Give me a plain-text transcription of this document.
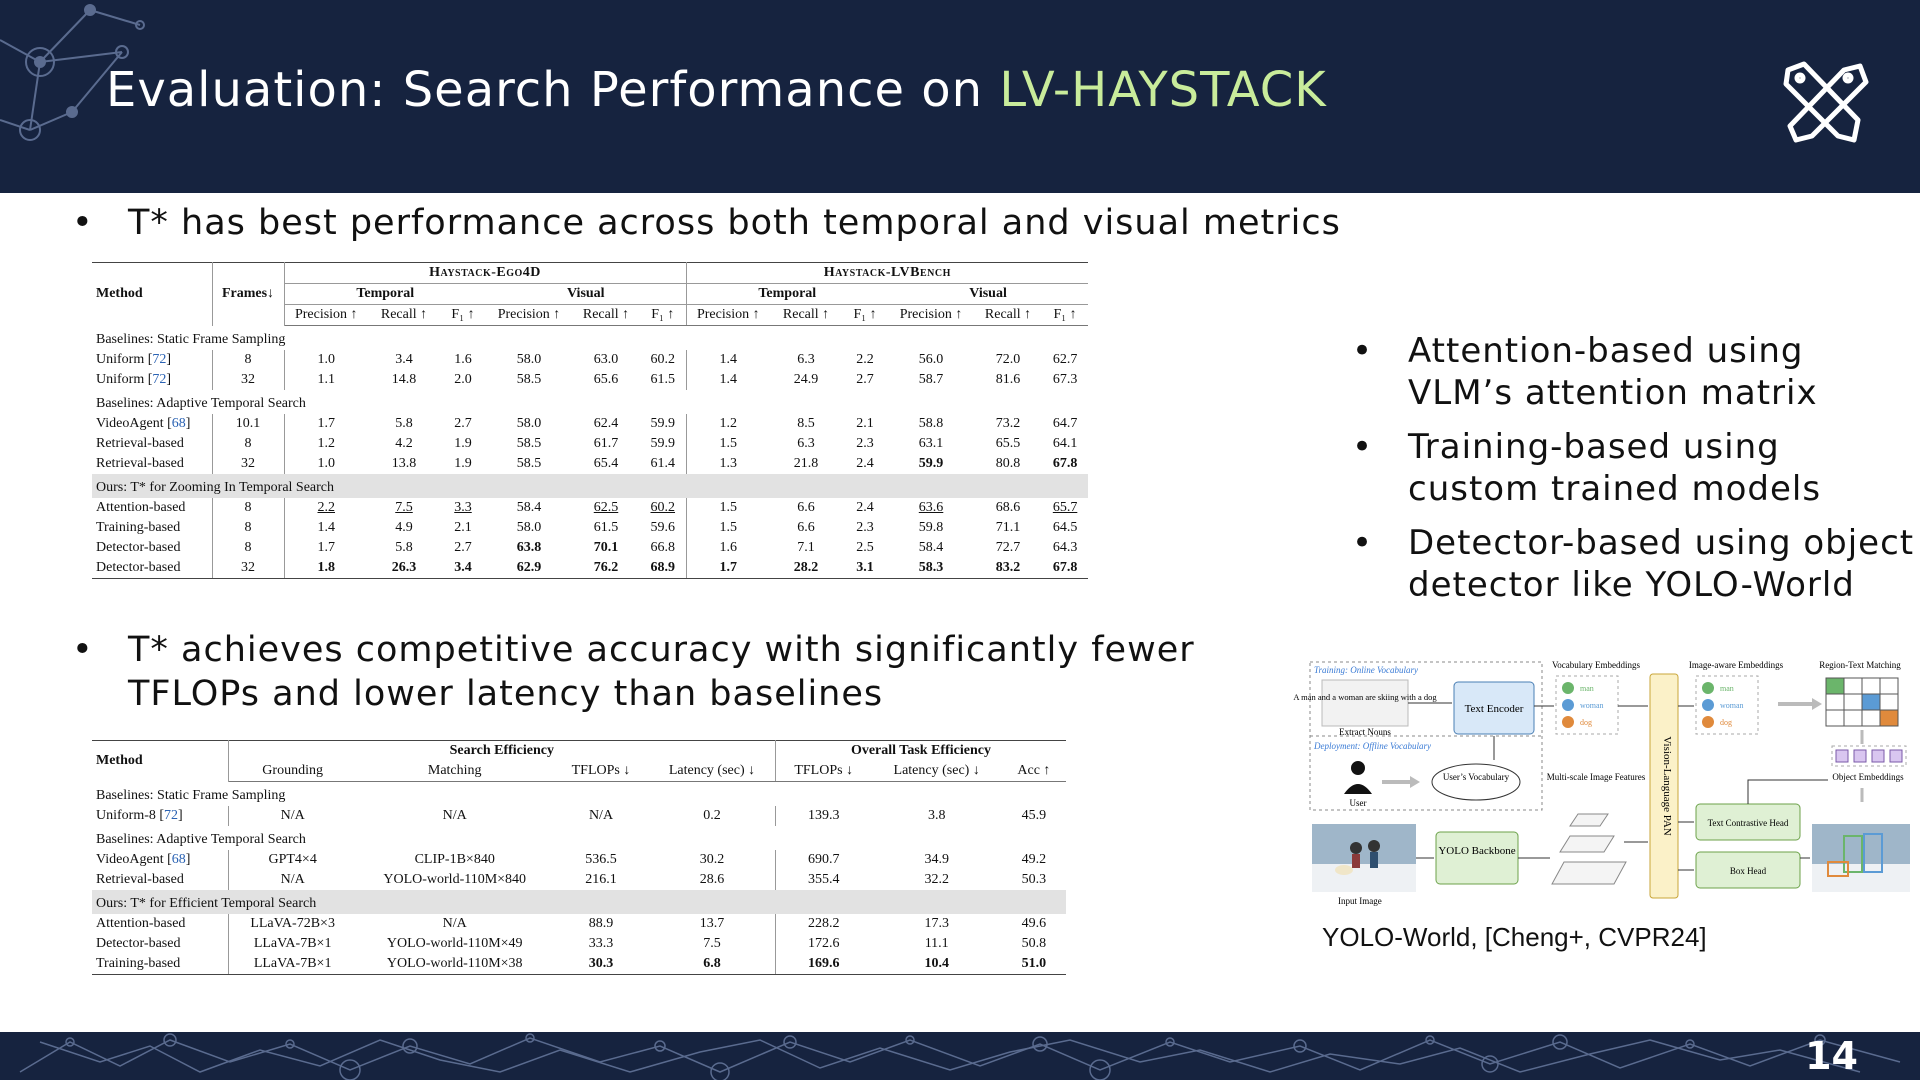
Evaluation: Search Performance on LV-HAYSTACK
• T* has best performance across both temporal and visual metrics
Method	Frames↓	Haystack-Ego4D						Haystack-LVBench					
		Temporal			Visual			Temporal			Visual		
		Precision ↑	Recall ↑	F₁ ↑	Precision ↑	Recall ↑	F₁ ↑	Precision ↑	Recall ↑	F₁ ↑	Precision ↑	Recall ↑	F₁ ↑
Baselines: Static Frame Sampling													
Uniform [72]	8	1.0	3.4	1.6	58.0	63.0	60.2	1.4	6.3	2.2	56.0	72.0	62.7
Uniform [72]	32	1.1	14.8	2.0	58.5	65.6	61.5	1.4	24.9	2.7	58.7	81.6	67.3
Baselines: Adaptive Temporal Search													
VideoAgent [68]	10.1	1.7	5.8	2.7	58.0	62.4	59.9	1.2	8.5	2.1	58.8	73.2	64.7
Retrieval-based	8	1.2	4.2	1.9	58.5	61.7	59.9	1.5	6.3	2.3	63.1	65.5	64.1
Retrieval-based	32	1.0	13.8	1.9	58.5	65.4	61.4	1.3	21.8	2.4	59.9	80.8	67.8
Ours: T* for Zooming In Temporal Search													
Attention-based	8	2.2	7.5	3.3	58.4	62.5	60.2	1.5	6.6	2.4	63.6	68.6	65.7
Training-based	8	1.4	4.9	2.1	58.0	61.5	59.6	1.5	6.6	2.3	59.8	71.1	64.5
Detector-based	8	1.7	5.8	2.7	63.8	70.1	66.8	1.6	7.1	2.5	58.4	72.7	64.3
Detector-based	32	1.8	26.3	3.4	62.9	76.2	68.9	1.7	28.2	3.1	58.3	83.2	67.8
• T* achieves competitive accuracy with significantly fewer TFLOPs and lower latency than baselines
Method	Search Efficiency				Overall Task Efficiency		
	Grounding	Matching	TFLOPs ↓	Latency (sec) ↓	TFLOPs ↓	Latency (sec) ↓	Acc ↑
Baselines: Static Frame Sampling							
Uniform-8 [72]	N/A	N/A	N/A	0.2	139.3	3.8	45.9
Baselines: Adaptive Temporal Search							
VideoAgent [68]	GPT4×4	CLIP-1B×840	536.5	30.2	690.7	34.9	49.2
Retrieval-based	N/A	YOLO-world-110M×840	216.1	28.6	355.4	32.2	50.3
Ours: T* for Efficient Temporal Search							
Attention-based	LLaVA-72B×3	N/A	88.9	13.7	228.2	17.3	49.6
Detector-based	LLaVA-7B×1	YOLO-world-110M×49	33.3	7.5	172.6	11.1	50.8
Training-based	LLaVA-7B×1	YOLO-world-110M×38	30.3	6.8	169.6	10.4	51.0
• Attention-based using VLM’s attention matrix
• Training-based using custom trained models
• Detector-based using object detector like YOLO-World
Training: Online Vocabulary
A man and a woman are skiing with a dog
Extract Nouns
Deployment: Offline Vocabulary
User
User’s Vocabulary
Text Encoder
Vocabulary Embeddings
man
woman
dog
Vision-Language PAN
Image-aware Embeddings
man
woman
dog
Region-Text Matching
Object Embeddings
Multi-scale Image Features
Input Image
YOLO Backbone
Text Contrastive Head
Box Head
YOLO-World, [Cheng+, CVPR24]
14
